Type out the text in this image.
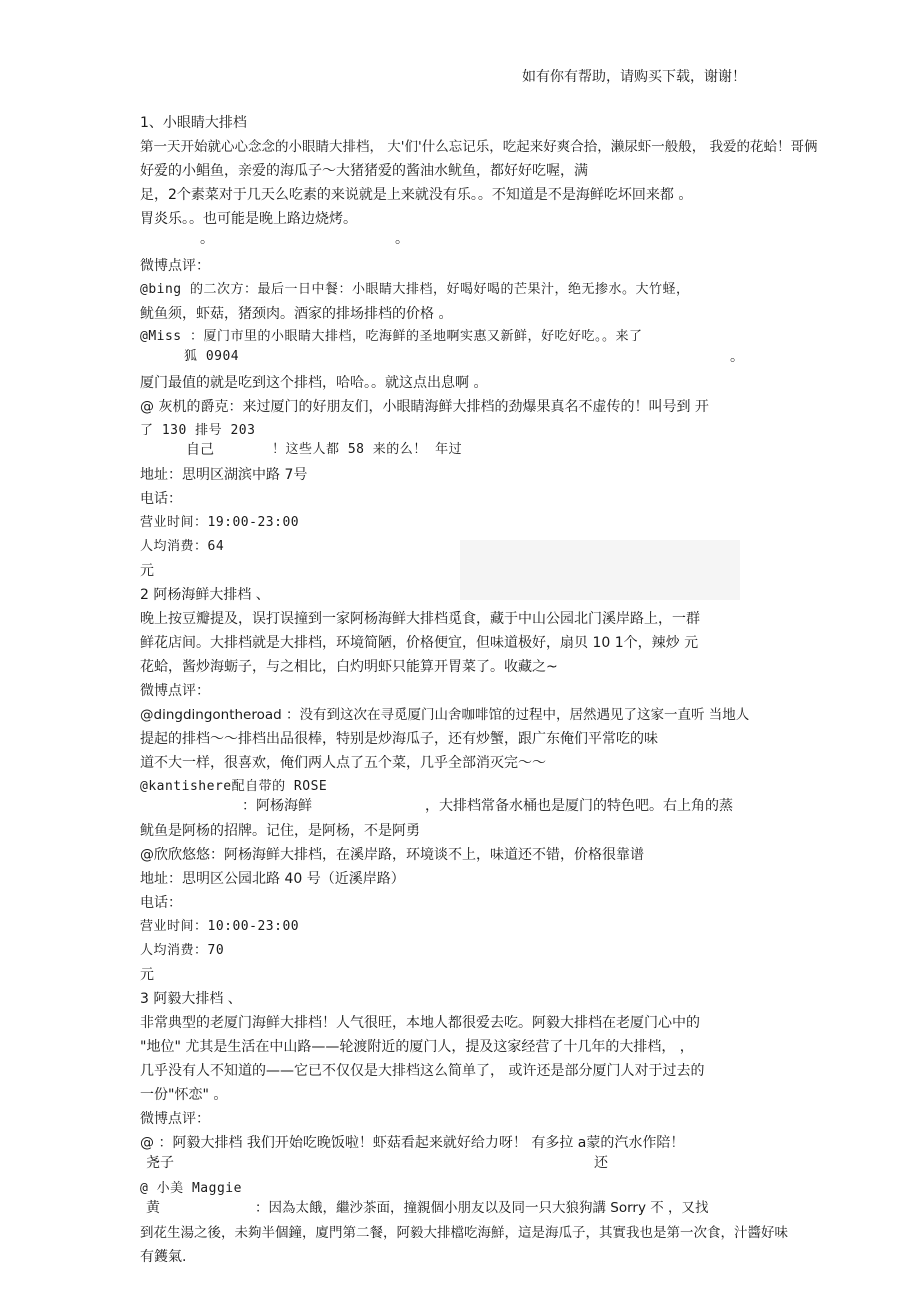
如有你有帮助，请购买下载，谢谢！
1、小眼睛大排档
第一天开始就心心念念的小眼睛大排档， 大'们'什么忘记乐，吃起来好爽合拾，濑尿虾一般般， 我爱的花蛤！哥俩
好爱的小鲳鱼，亲爱的海瓜子～大猪猪爱的酱油水鱿鱼，都好好吃喔，满
足，2个素菜对于几天么吃素的来说就是上来就没有乐。。不知道是不是海鲜吃坏回来都 。
胃炎乐。。也可能是晚上路边烧烤。
。	。
微博点评：
@bing 的二次方：最后一日中餐：小眼睛大排档，好喝好喝的芒果汁，绝无掺水。大竹蛏，
鱿鱼须，虾菇，猪颈肉。酒家的排场排档的价格 。
@Miss ：厦门市里的小眼睛大排档，吃海鲜的圣地啊实惠又新鲜，好吃好吃。。来了
狐 0904	。
厦门最值的就是吃到这个排档，哈哈。。就这点出息啊 。
@ 灰机的爵克：来过厦门的好朋友们，小眼睛海鲜大排档的劲爆果真名不虚传的！叫号到 开
了 130 排号 203
自己	！这些人都 58 来的么！ 年过
地址：思明区湖滨中路 7号
电话：
营业时间：19:00-23:00
人均消费：64
元
2 阿杨海鲜大排档 、
晚上按豆瓣提及，误打误撞到一家阿杨海鲜大排档觅食，藏于中山公园北门溪岸路上，一群
鲜花店间。大排档就是大排档，环境简陋，价格便宜，但味道极好，扇贝 10 1个，辣炒 元
花蛤，酱炒海蛎子，与之相比，白灼明虾只能算开胃菜了。收藏之~
微博点评：
@dingdingontheroad ：没有到这次在寻觅厦门山舍咖啡馆的过程中，居然遇见了这家一直听 当地人
提起的排档～～排档出品很棒，特别是炒海瓜子，还有炒蟹，跟广东俺们平常吃的味
道不大一样，很喜欢，俺们两人点了五个菜，几乎全部消灭完～～
@kantishere配自带的 ROSE
：阿杨海鲜	，大排档常备水桶也是厦门的特色吧。右上角的蒸
鱿鱼是阿杨的招牌。记住，是阿杨，不是阿勇
@欣欣悠悠：阿杨海鲜大排档，在溪岸路，环境谈不上，味道还不错，价格很靠谱
地址：思明区公园北路 40 号（近溪岸路）
电话：
营业时间：10:00-23:00
人均消费：70
元
3 阿毅大排档 、
非常典型的老厦门海鲜大排档！人气很旺，本地人都很爱去吃。阿毅大排档在老厦门心中的
"地位" 尤其是生活在中山路——轮渡附近的厦门人，提及这家经营了十几年的大排档， ，
几乎没有人不知道的——它已不仅仅是大排档这么简单了， 或许还是部分厦门人对于过去的
一份"怀恋" 。
微博点评：
@ ：阿毅大排档 我们开始吃晚饭啦！虾菇看起来就好给力呀！ 有多拉 a蒙的汽水作陪！
尧子	还
@ 小美 Maggie
黄	：因為太餓，繼沙茶面，撞親個小朋友以及同一只大狼狗講 Sorry 不 ，又找
到花生湯之後，未夠半個鐘，廈門第二餐，阿毅大排檔吃海鮮，這是海瓜子，其實我也是第一次食，汁醬好味
有鑊氣.
